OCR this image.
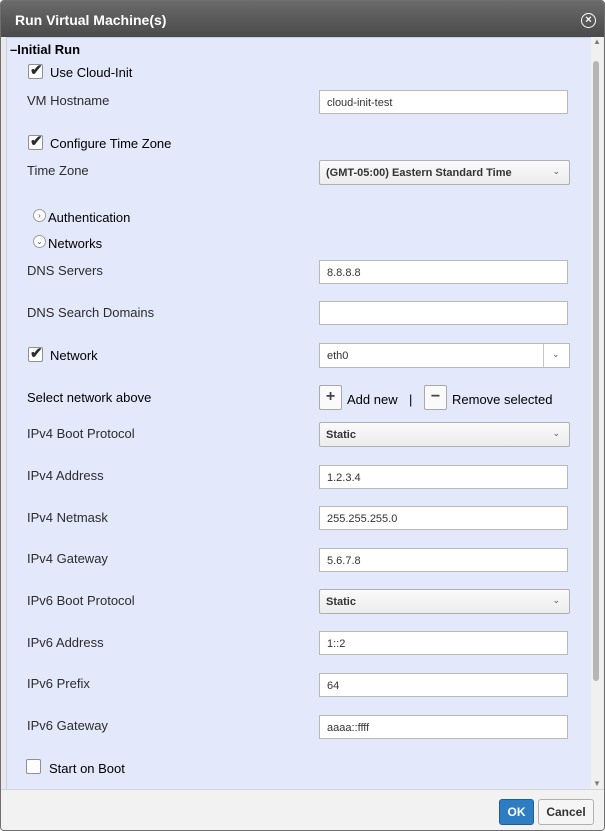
Run Virtual Machine(s)	×
–Initial Run
✔ Use Cloud-Init
VM Hostname	cloud-init-test
✔ Configure Time Zone
Time Zone	(GMT-05:00) Eastern Standard Time	⌄
› Authentication
⌄ Networks
DNS Servers	8.8.8.8
DNS Search Domains
✔ Network	eth0	⌄
Select network above	+ Add new |	− Remove selected
IPv4 Boot Protocol	Static	⌄
IPv4 Address	1.2.3.4
IPv4 Netmask	255.255.255.0
IPv4 Gateway	5.6.7.8
IPv6 Boot Protocol	Static	⌄
IPv6 Address	1::2
IPv6 Prefix	64
IPv6 Gateway	aaaa::ffff
Start on Boot
▲
▼
OK	Cancel
